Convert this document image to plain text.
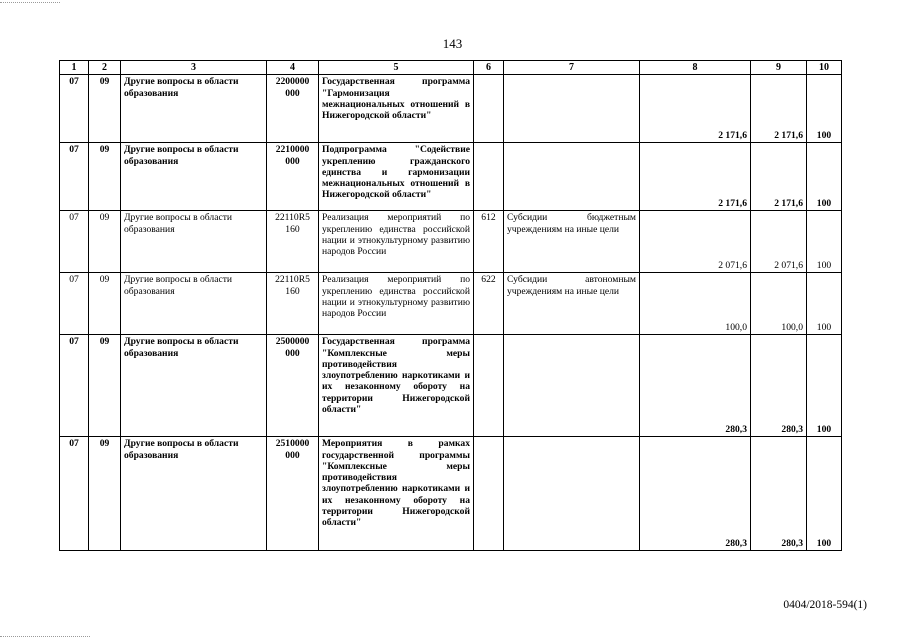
143
1	2	3	4	5	6	7	8	9	10
07	09	Другие вопросы в области образования	2200000 000	Государственная программа "Гармонизация межнациональных отношений в Нижегородской области"			2 171,6	2 171,6	100
07	09	Другие вопросы в области образования	2210000 000	Подпрограмма "Содействие укреплению гражданского единства и гармонизации межнациональных отношений в Нижегородской области"			2 171,6	2 171,6	100
07	09	Другие вопросы в области образования	22110R5 160	Реализация мероприятий по укреплению единства российской нации и этнокультурному развитию народов России	612	Субсидии бюджетным учреждениям на иные цели	2 071,6	2 071,6	100
07	09	Другие вопросы в области образования	22110R5 160	Реализация мероприятий по укреплению единства российской нации и этнокультурному развитию народов России	622	Субсидии автономным учреждениям на иные цели	100,0	100,0	100
07	09	Другие вопросы в области образования	2500000 000	Государственная программа "Комплексные меры противодействия злоупотреблению наркотиками и их незаконному обороту на территории Нижегородской области"			280,3	280,3	100
07	09	Другие вопросы в области образования	2510000 000	Мероприятия в рамках государственной программы "Комплексные меры противодействия злоупотреблению наркотиками и их незаконному обороту на территории Нижегородской области"			280,3	280,3	100
0404/2018-594(1)
